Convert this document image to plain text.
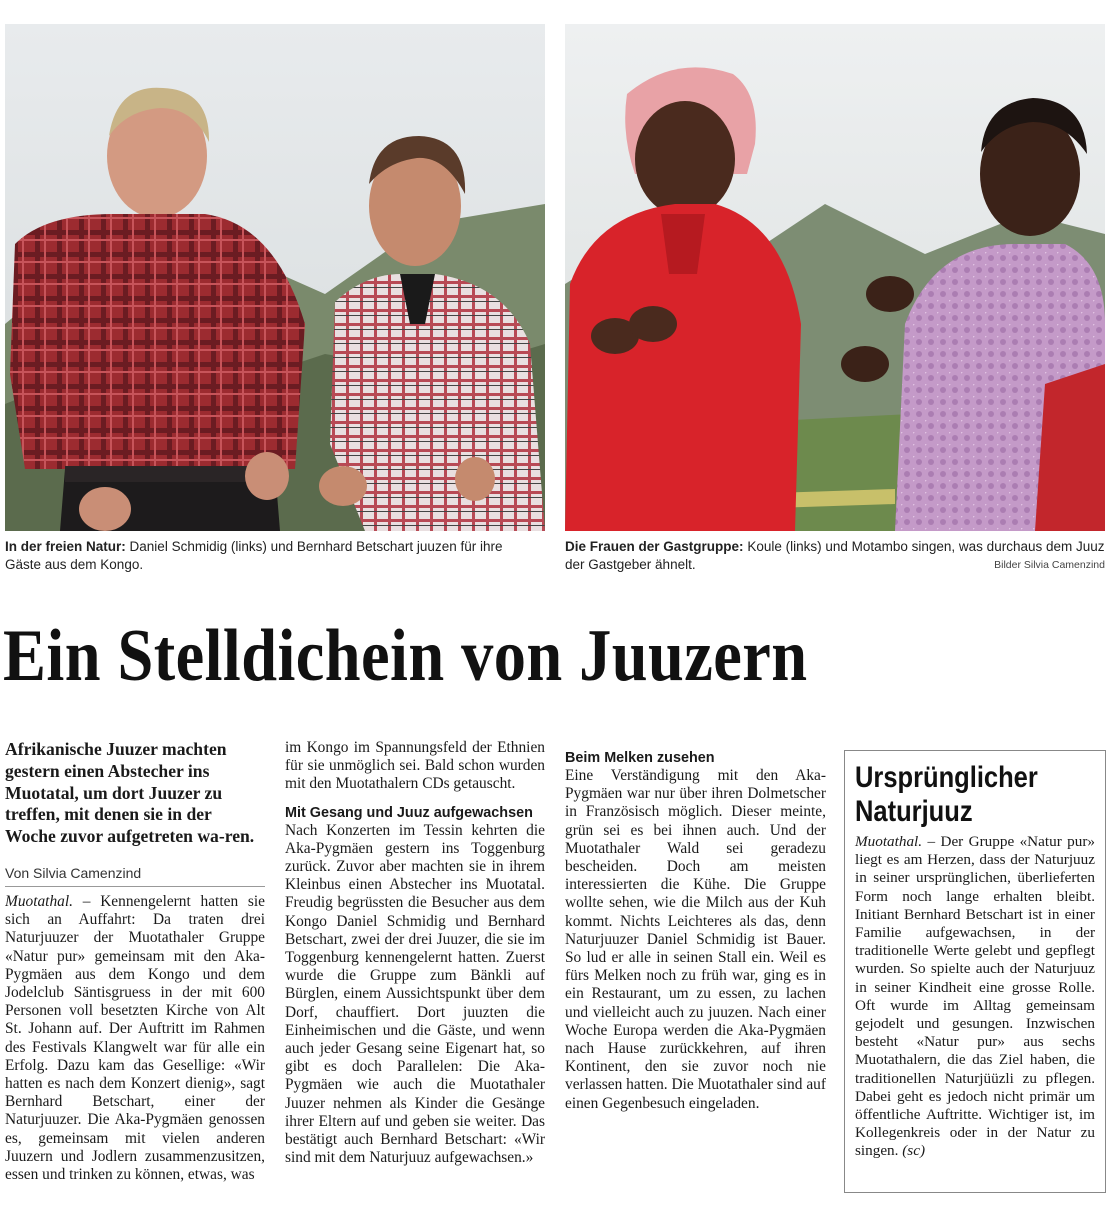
In der freien Natur: Daniel Schmidig (links) und Bernhard Betschart juuzen für ihre Gäste aus dem Kongo.
Die Frauen der Gastgruppe: Koule (links) und Motambo singen, was durchaus dem Juuz der Gastgeber ähnelt.	Bilder Silvia Camenzind
Ein Stelldichein von Juuzern

Afrikanische Juuzer machten gestern einen Abstecher ins Muotatal, um dort Juuzer zu treffen, mit denen sie in der Woche zuvor aufgetreten wa-ren.

Von Silvia Camenzind

Muotathal. – Kennengelernt hatten sie sich an Auffahrt: Da traten drei Naturjuuzer der Muotathaler Gruppe «Natur pur» gemeinsam mit den Aka-Pygmäen aus dem Kongo und dem Jodelclub Säntisgruess in der mit 600 Personen voll besetzten Kirche von Alt St. Johann auf. Der Auftritt im Rahmen des Festivals Klangwelt war für alle ein Erfolg. Dazu kam das Gesellige: «Wir hatten es nach dem Konzert dienig», sagt Bernhard Betschart, einer der Naturjuuzer. Die Aka-Pygmäen genossen es, gemeinsam mit vielen anderen Juuzern und Jodlern zusammenzusitzen, essen und trinken zu können, etwas, was

im Kongo im Spannungsfeld der Ethnien für sie unmöglich sei. Bald schon wurden mit den Muotathalern CDs getauscht.

Mit Gesang und Juuz aufgewachsen

Nach Konzerten im Tessin kehrten die Aka-Pygmäen gestern ins Toggenburg zurück. Zuvor aber machten sie in ihrem Kleinbus einen Abstecher ins Muotatal. Freudig begrüssten die Besucher aus dem Kongo Daniel Schmidig und Bernhard Betschart, zwei der drei Juuzer, die sie im Toggenburg kennengelernt hatten. Zuerst wurde die Gruppe zum Bänkli auf Bürglen, einem Aussichtspunkt über dem Dorf, chauffiert. Dort juuzten die Einheimischen und die Gäste, und wenn auch jeder Gesang seine Eigenart hat, so gibt es doch Parallelen: Die Aka-Pygmäen wie auch die Muotathaler Juuzer nehmen als Kinder die Gesänge ihrer Eltern auf und geben sie weiter. Das bestätigt auch Bernhard Betschart: «Wir sind mit dem Naturjuuz aufgewachsen.»

Beim Melken zusehen

Eine Verständigung mit den Aka-Pygmäen war nur über ihren Dolmetscher in Französisch möglich. Dieser meinte, grün sei es bei ihnen auch. Und der Muotathaler Wald sei geradezu bescheiden. Doch am meisten interessierten die Kühe. Die Gruppe wollte sehen, wie die Milch aus der Kuh kommt. Nichts Leichteres als das, denn Naturjuuzer Daniel Schmidig ist Bauer. So lud er alle in seinen Stall ein. Weil es fürs Melken noch zu früh war, ging es in ein Restaurant, um zu essen, zu lachen und vielleicht auch zu juuzen. Nach einer Woche Europa werden die Aka-Pygmäen nach Hause zurückkehren, auf ihren Kontinent, den sie zuvor noch nie verlassen hatten. Die Muotathaler sind auf einen Gegenbesuch eingeladen.

Ursprünglicher
Naturjuuz

Muotathal. – Der Gruppe «Natur pur» liegt es am Herzen, dass der Naturjuuz in seiner ursprünglichen, überlieferten Form noch lange erhalten bleibt. Initiant Bernhard Betschart ist in einer Familie aufgewachsen, in der traditionelle Werte gelebt und gepflegt wurden. So spielte auch der Naturjuuz in seiner Kindheit eine grosse Rolle. Oft wurde im Alltag gemeinsam gejodelt und gesungen. Inzwischen besteht «Natur pur» aus sechs Muotathalern, die das Ziel haben, die traditionellen Naturjüüzli zu pflegen. Dabei geht es jedoch nicht primär um öffentliche Auftritte. Wichtiger ist, im Kollegenkreis oder in der Natur zu singen. (sc)
